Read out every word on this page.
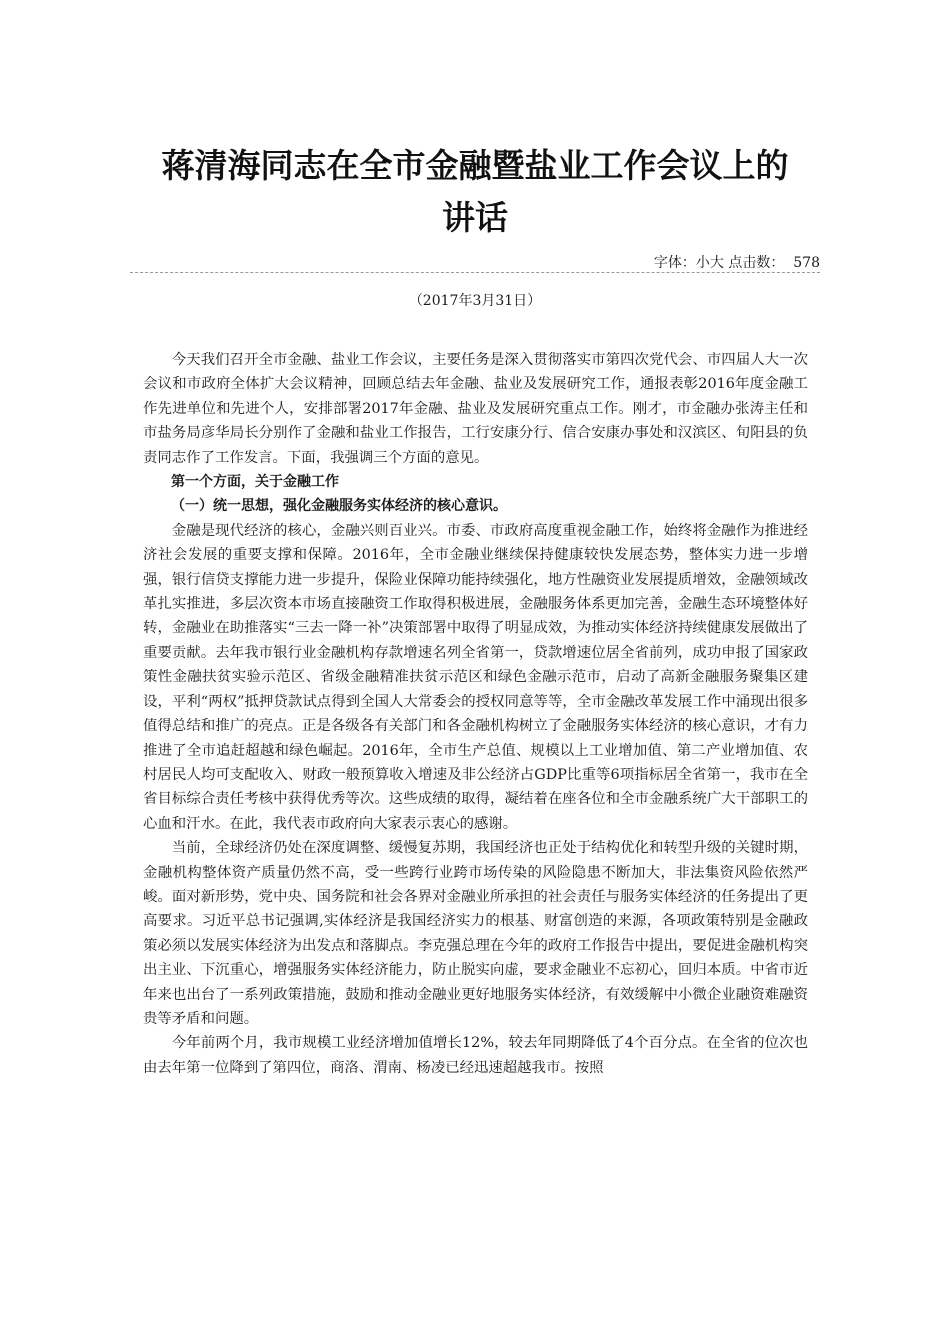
蒋清海同志在全市金融暨盐业工作会议上的讲话
字体：小大 点击数： 578
（2017年3月31日）

今天我们召开全市金融、盐业工作会议，主要任务是深入贯彻落实市第四次党代会、市四届人大一次会议和市政府全体扩大会议精神，回顾总结去年金融、盐业及发展研究工作，通报表彰2016年度金融工作先进单位和先进个人，安排部署2017年金融、盐业及发展研究重点工作。刚才，市金融办张涛主任和市盐务局彦华局长分别作了金融和盐业工作报告，工行安康分行、信合安康办事处和汉滨区、旬阳县的负责同志作了工作发言。下面，我强调三个方面的意见。

第一个方面，关于金融工作

（一）统一思想，强化金融服务实体经济的核心意识。

金融是现代经济的核心，金融兴则百业兴。市委、市政府高度重视金融工作，始终将金融作为推进经济社会发展的重要支撑和保障。2016年，全市金融业继续保持健康较快发展态势，整体实力进一步增强，银行信贷支撑能力进一步提升，保险业保障功能持续强化，地方性融资业发展提质增效，金融领域改革扎实推进，多层次资本市场直接融资工作取得积极进展，金融服务体系更加完善，金融生态环境整体好转，金融业在助推落实“三去一降一补”决策部署中取得了明显成效，为推动实体经济持续健康发展做出了重要贡献。去年我市银行业金融机构存款增速名列全省第一，贷款增速位居全省前列，成功申报了国家政策性金融扶贫实验示范区、省级金融精准扶贫示范区和绿色金融示范市，启动了高新金融服务聚集区建设，平利“两权”抵押贷款试点得到全国人大常委会的授权同意等等，全市金融改革发展工作中涌现出很多值得总结和推广的亮点。正是各级各有关部门和各金融机构树立了金融服务实体经济的核心意识，才有力推进了全市追赶超越和绿色崛起。2016年，全市生产总值、规模以上工业增加值、第二产业增加值、农村居民人均可支配收入、财政一般预算收入增速及非公经济占GDP比重等6项指标居全省第一，我市在全省目标综合责任考核中获得优秀等次。这些成绩的取得，凝结着在座各位和全市金融系统广大干部职工的心血和汗水。在此，我代表市政府向大家表示衷心的感谢。

当前，全球经济仍处在深度调整、缓慢复苏期，我国经济也正处于结构优化和转型升级的关键时期，金融机构整体资产质量仍然不高，受一些跨行业跨市场传染的风险隐患不断加大，非法集资风险依然严峻。面对新形势，党中央、国务院和社会各界对金融业所承担的社会责任与服务实体经济的任务提出了更高要求。习近平总书记强调,实体经济是我国经济实力的根基、财富创造的来源，各项政策特别是金融政策必须以发展实体经济为出发点和落脚点。李克强总理在今年的政府工作报告中提出，要促进金融机构突出主业、下沉重心，增强服务实体经济能力，防止脱实向虚，要求金融业不忘初心，回归本质。中省市近年来也出台了一系列政策措施，鼓励和推动金融业更好地服务实体经济，有效缓解中小微企业融资难融资贵等矛盾和问题。

今年前两个月，我市规模工业经济增加值增长12%，较去年同期降低了4个百分点。在全省的位次也由去年第一位降到了第四位，商洛、渭南、杨凌已经迅速超越我市。按照
